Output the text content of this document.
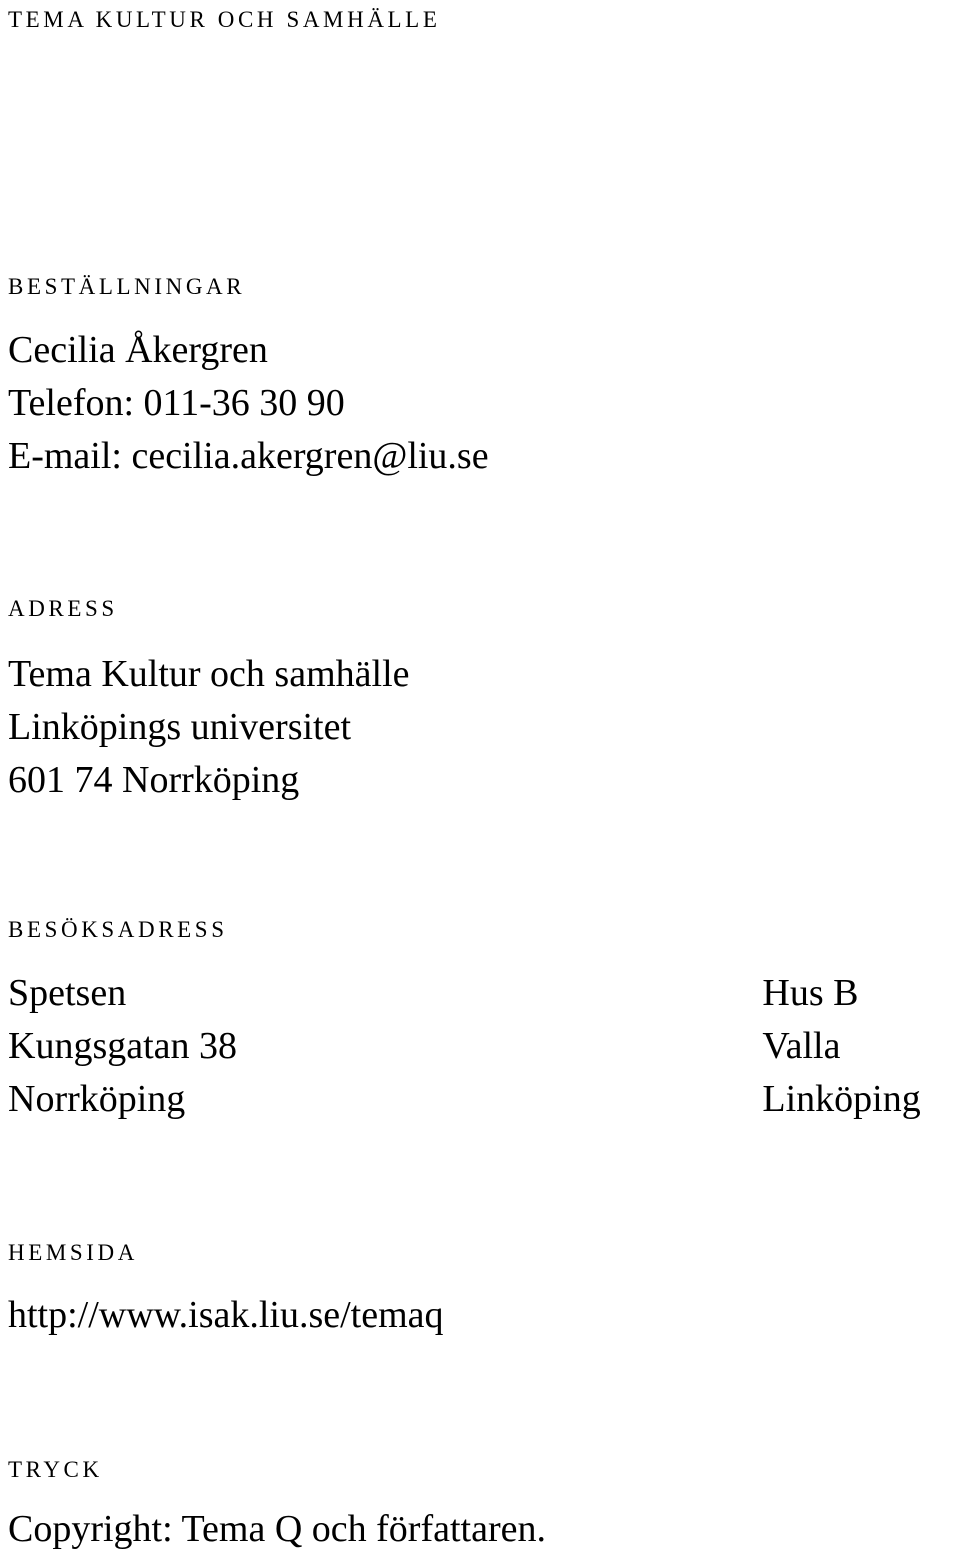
TEMA KULTUR OCH SAMHÄLLE

BESTÄLLNINGAR

Cecilia Åkergren

Telefon: 011-36 30 90

E-mail: cecilia.akergren@liu.se

ADRESS

Tema Kultur och samhälle

Linköpings universitet

601 74 Norrköping

BESÖKSADRESS

Spetsen

Kungsgatan 38

Norrköping

Hus B

Valla

Linköping

HEMSIDA

http://www.isak.liu.se/temaq

TRYCK

Copyright: Tema Q och författaren.
